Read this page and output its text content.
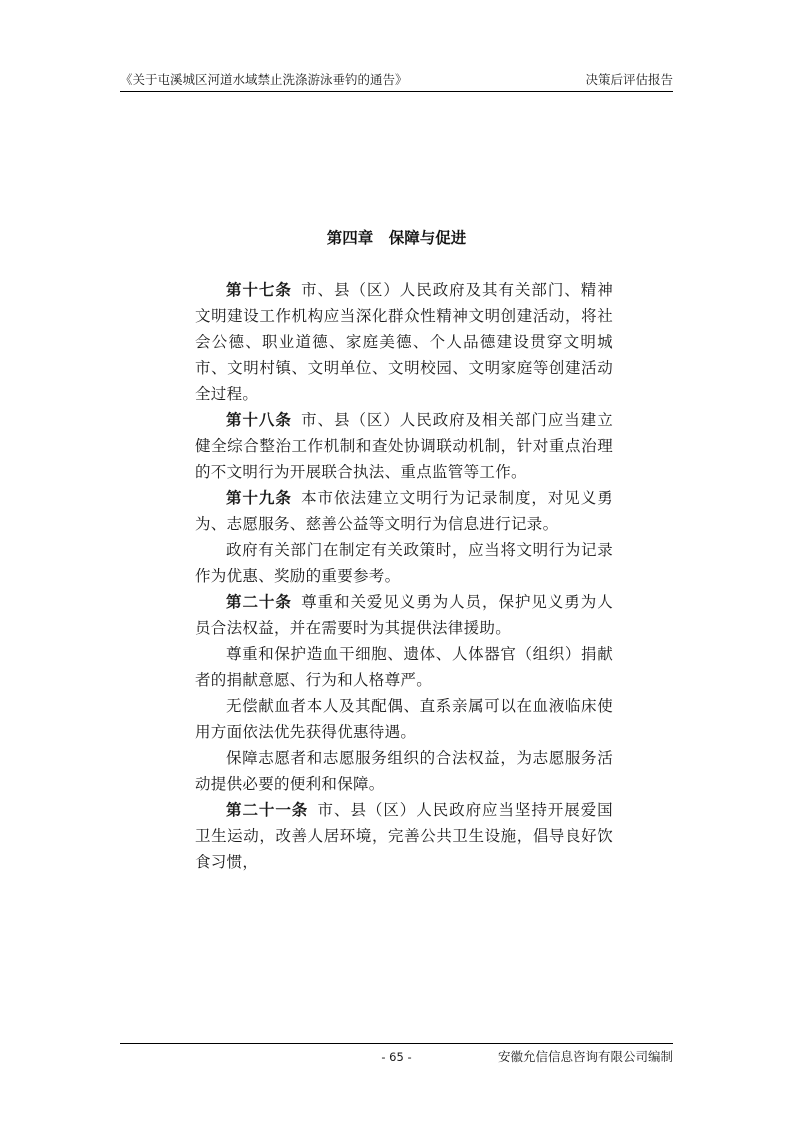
《关于屯溪城区河道水域禁止洗涤游泳垂钓的通告》	决策后评估报告
第四章　保障与促进

第十七条 市、县（区）人民政府及其有关部门、精神文明建设工作机构应当深化群众性精神文明创建活动，将社会公德、职业道德、家庭美德、个人品德建设贯穿文明城市、文明村镇、文明单位、文明校园、文明家庭等创建活动全过程。

第十八条 市、县（区）人民政府及相关部门应当建立健全综合整治工作机制和查处协调联动机制，针对重点治理的不文明行为开展联合执法、重点监管等工作。

第十九条 本市依法建立文明行为记录制度，对见义勇为、志愿服务、慈善公益等文明行为信息进行记录。

政府有关部门在制定有关政策时，应当将文明行为记录作为优惠、奖励的重要参考。

第二十条 尊重和关爱见义勇为人员，保护见义勇为人员合法权益，并在需要时为其提供法律援助。

尊重和保护造血干细胞、遗体、人体器官（组织）捐献者的捐献意愿、行为和人格尊严。

无偿献血者本人及其配偶、直系亲属可以在血液临床使用方面依法优先获得优惠待遇。

保障志愿者和志愿服务组织的合法权益，为志愿服务活动提供必要的便利和保障。

第二十一条 市、县（区）人民政府应当坚持开展爱国卫生运动，改善人居环境，完善公共卫生设施，倡导良好饮食习惯，

- 65 -	安徽允信信息咨询有限公司编制
